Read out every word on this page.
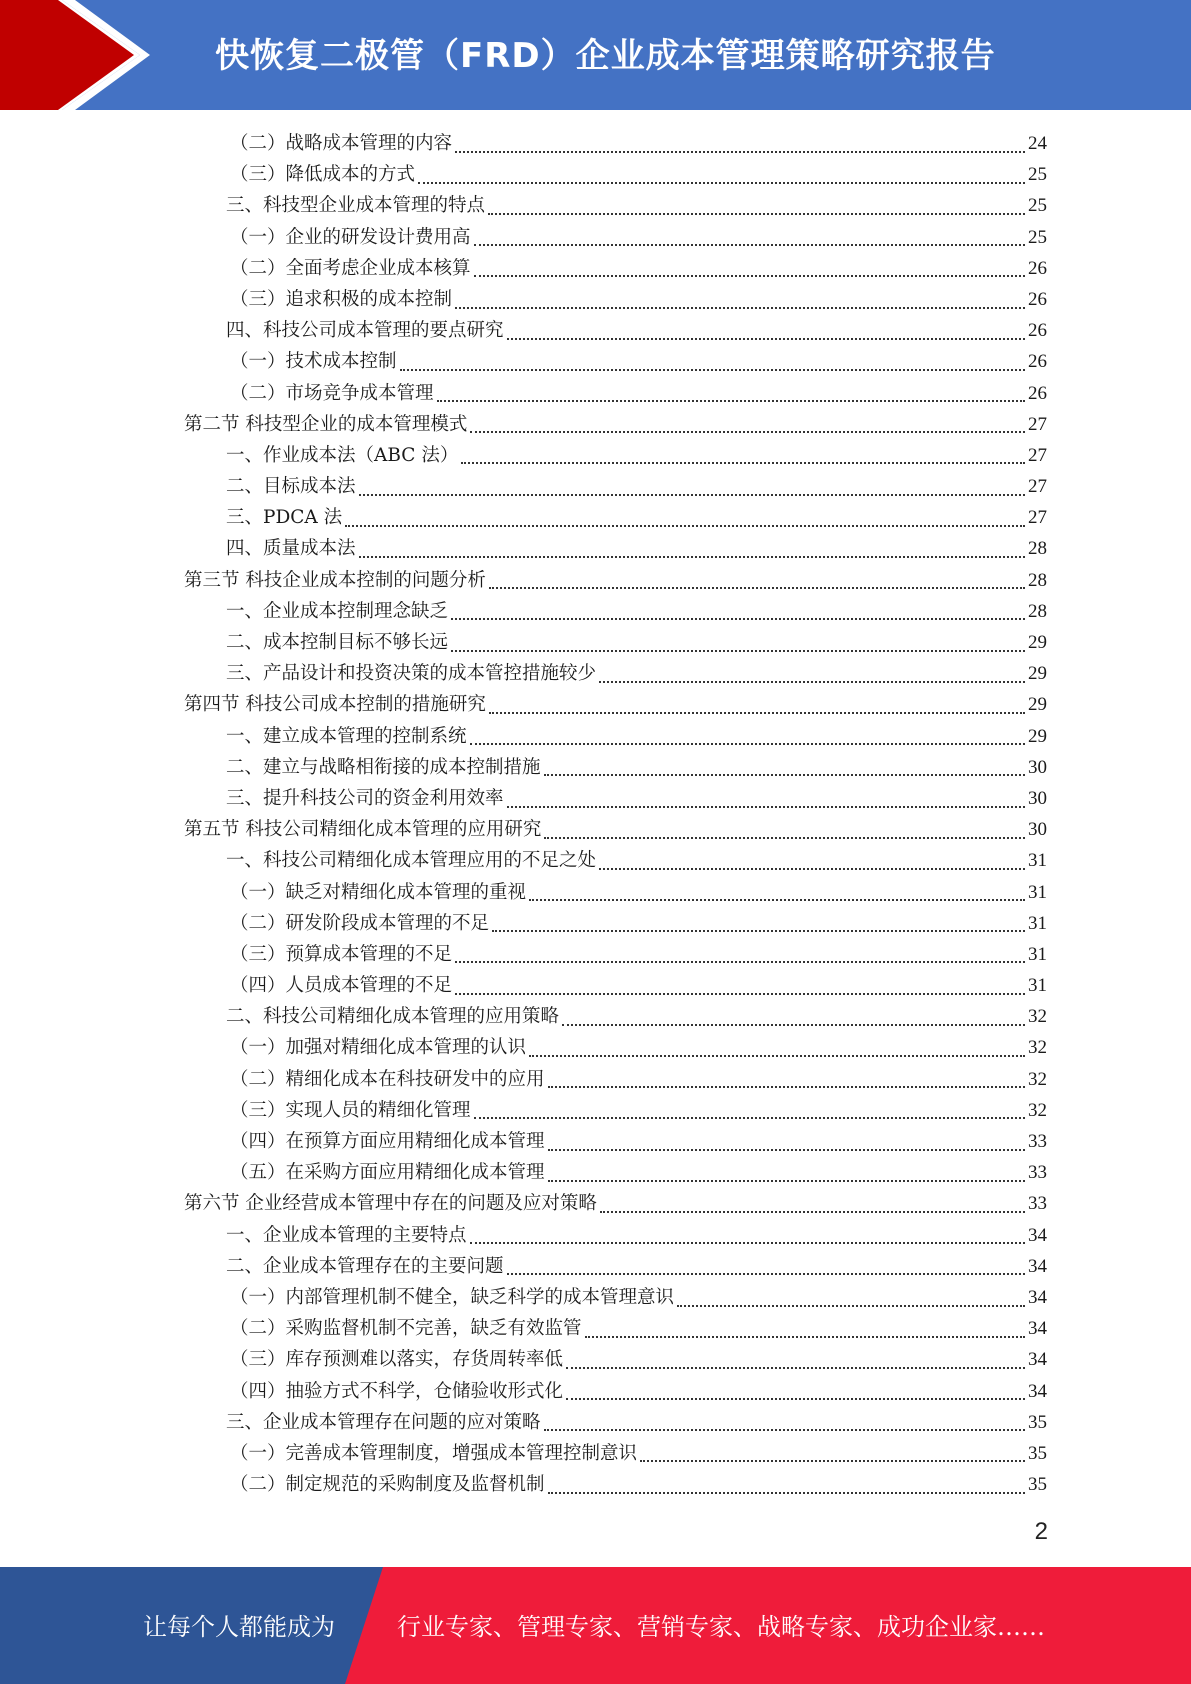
快恢复二极管（FRD）企业成本管理策略研究报告
（二）战略成本管理的内容	24
（三）降低成本的方式	25
三、科技型企业成本管理的特点	25
（一）企业的研发设计费用高	25
（二）全面考虑企业成本核算	26
（三）追求积极的成本控制	26
四、科技公司成本管理的要点研究	26
（一）技术成本控制	26
（二）市场竞争成本管理	26
第二节 科技型企业的成本管理模式	27
一、作业成本法（ABC 法）	27
二、目标成本法	27
三、PDCA 法	27
四、质量成本法	28
第三节 科技企业成本控制的问题分析	28
一、企业成本控制理念缺乏	28
二、成本控制目标不够长远	29
三、产品设计和投资决策的成本管控措施较少	29
第四节 科技公司成本控制的措施研究	29
一、建立成本管理的控制系统	29
二、建立与战略相衔接的成本控制措施	30
三、提升科技公司的资金利用效率	30
第五节 科技公司精细化成本管理的应用研究	30
一、科技公司精细化成本管理应用的不足之处	31
（一）缺乏对精细化成本管理的重视	31
（二）研发阶段成本管理的不足	31
（三）预算成本管理的不足	31
（四）人员成本管理的不足	31
二、科技公司精细化成本管理的应用策略	32
（一）加强对精细化成本管理的认识	32
（二）精细化成本在科技研发中的应用	32
（三）实现人员的精细化管理	32
（四）在预算方面应用精细化成本管理	33
（五）在采购方面应用精细化成本管理	33
第六节 企业经营成本管理中存在的问题及应对策略	33
一、企业成本管理的主要特点	34
二、企业成本管理存在的主要问题	34
（一）内部管理机制不健全，缺乏科学的成本管理意识	34
（二）采购监督机制不完善，缺乏有效监管	34
（三）库存预测难以落实，存货周转率低	34
（四）抽验方式不科学，仓储验收形式化	34
三、企业成本管理存在问题的应对策略	35
（一）完善成本管理制度，增强成本管理控制意识	35
（二）制定规范的采购制度及监督机制	35
2
让每个人都能成为	行业专家、管理专家、营销专家、战略专家、成功企业家……
